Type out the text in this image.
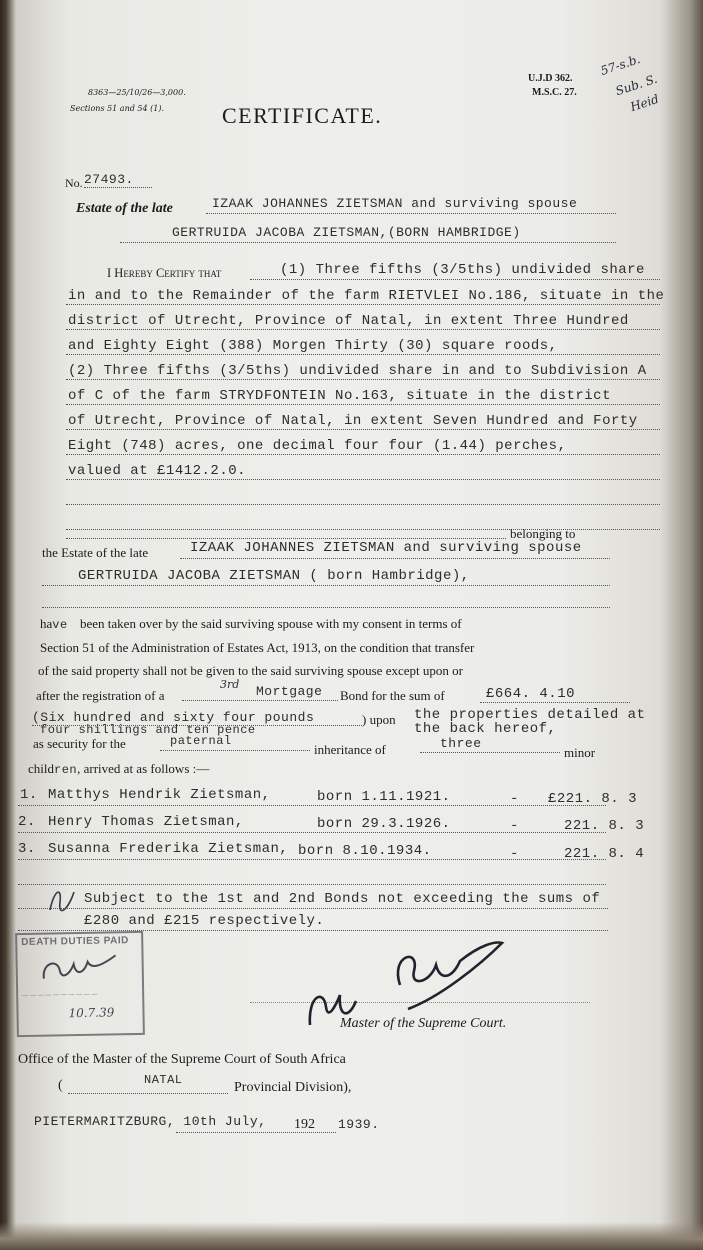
8363—25/10/26—3,000.
Sections 51 and 54 (1).	CERTIFICATE.
U.J.D 362.
M.S.C. 27.
57-s.b.
Sub. S.
Heid
No. 27493.
Estate of the late	IZAAK JOHANNES ZIETSMAN and surviving spouse
GERTRUIDA JACOBA ZIETSMAN,(BORN HAMBRIDGE)
I Hereby Certify that	(1) Three fifths (3/5ths) undivided share
in and to the Remainder of the farm RIETVLEI No.186, situate in the
district of Utrecht, Province of Natal, in extent Three Hundred
and Eighty Eight (388) Morgen Thirty (30) square roods,
(2) Three fifths (3/5ths) undivided share in and to Subdivision A
of C of the farm STRYDFONTEIN No.163, situate in the district
of Utrecht, Province of Natal, in extent Seven Hundred and Forty
Eight (748) acres, one decimal four four (1.44) perches,
valued at £1412.2.0.
belonging to
the Estate of the late	IZAAK JOHANNES ZIETSMAN and surviving spouse
GERTRUIDA JACOBA ZIETSMAN ( born Hambridge),
have been taken over by the said surviving spouse with my consent in terms of
Section 51 of the Administration of Estates Act, 1913, on the condition that transfer
of the said property shall not be given to the said surviving spouse except upon or
after the registration of a
3rd Mortgage Bond for the sum of	£664. 4.10
(Six hundred and sixty four pounds
four shillings and ten pence
) upon the properties detailed at
the back hereof,
as security for the	paternal
inheritance of	three
minor
children, arrived at as follows :—
1. Matthys Hendrik Zietsman,	born 1.11.1921.	- £221. 8. 3
2. Henry Thomas Zietsman,	born 29.3.1926.	-	221. 8. 3
3. Susanna Frederika Zietsman, born 8.10.1934.	-	221. 8. 4
Subject to the 1st and 2nd Bonds not exceeding the sums of
£280 and £215 respectively.
DEATH DUTIES PAID
— — — — — — — — — —
10.7.39
Master of the Supreme Court.
Office of the Master of the Supreme Court of South Africa
(	NATAL	Provincial Division),
PIETERMARITZBURG, 10th July, 192 1939.
